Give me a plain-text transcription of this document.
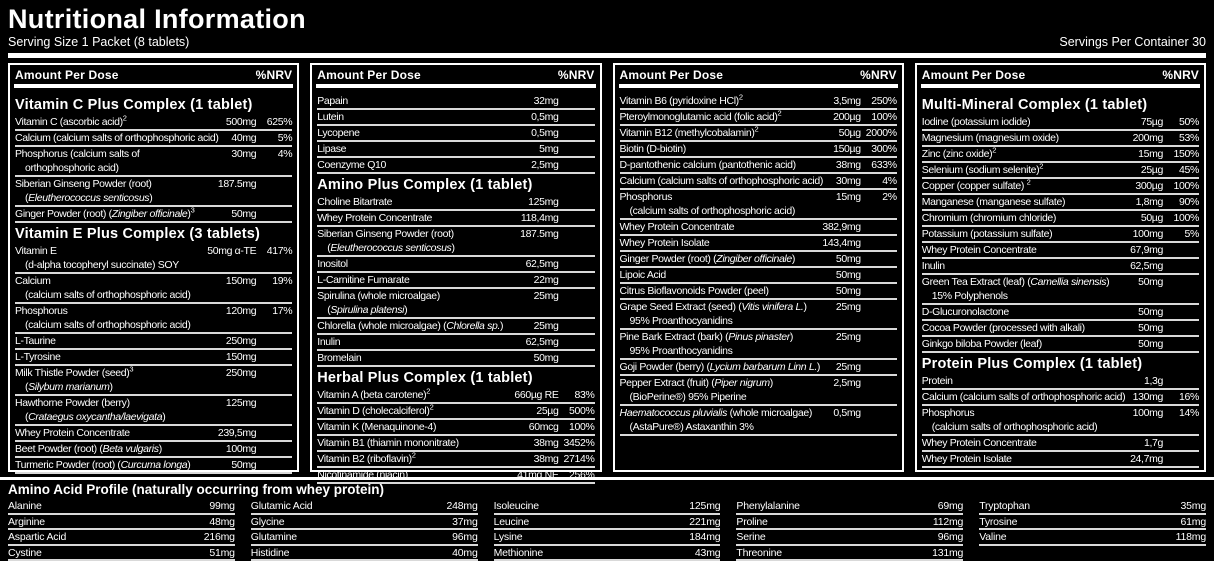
Nutritional Information
Serving Size 1 Packet (8 tablets)	Servings Per Container 30
Amount Per Dose	%NRV
Vitamin C Plus Complex (1 tablet)
Vitamin C (ascorbic acid)$^2$	500mg	625%
Calcium (calcium salts of orthophosphoric acid)	40mg	5%
Phosphorus (calcium salts of	30mg	4%
orthophosphoric acid)
Siberian Ginseng Powder (root)	187.5mg
(Eleutherococcus senticosus)
Ginger Powder (root) (Zingiber officinale)$^3$	50mg
Vitamin E Plus Complex (3 tablets)
Vitamin E	50mg α-TE	417%
(d-alpha tocopheryl succinate) SOY
Calcium	150mg	19%
(calcium salts of orthophosphoric acid)
Phosphorus	120mg	17%
(calcium salts of orthophosphoric acid)
L-Taurine	250mg
L-Tyrosine	150mg
Milk Thistle Powder (seed)$^3$	250mg
(Silybum marianum)
Hawthorne Powder (berry)	125mg
(Crataegus oxycantha/laevigata)
Whey Protein Concentrate	239,5mg
Beet Powder (root) (Beta vulgaris)	100mg
Turmeric Powder (root) (Curcuma longa)	50mg
Amount Per Dose	%NRV
Papain	32mg
Lutein	0,5mg
Lycopene	0,5mg
Lipase	5mg
Coenzyme Q10	2,5mg
Amino Plus Complex (1 tablet)
Choline Bitartrate	125mg
Whey Protein Concentrate	118,4mg
Siberian Ginseng Powder (root)	187.5mg
(Eleutherococcus senticosus)
Inositol	62,5mg
L-Carnitine Fumarate	22mg
Spirulina (whole microalgae)	25mg
(Spirulina platensi)
Chlorella (whole microalgae) (Chlorella sp.)	25mg
Inulin	62,5mg
Bromelain	50mg
Herbal Plus Complex (1 tablet)
Vitamin A (beta carotene)$^2$	660µg RE	83%
Vitamin D (cholecalciferol)$^2$	25µg	500%
Vitamin K (Menaquinone-4)	60mcg	100%
Vitamin B1 (thiamin mononitrate)	38mg 3452%
Vitamin B2 (riboflavin)$^2$	38mg 2714%
Nicotinamide (niacin)	41mg NE	256%
Amount Per Dose	%NRV
Vitamin B6 (pyridoxine HCl)$^2$	3,5mg	250%
Pteroylmonoglutamic acid (folic acid)$^2$	200µg	100%
Vitamin B12 (methylcobalamin)$^2$	50µg 2000%
Biotin (D-biotin)	150µg	300%
D-pantothenic calcium (pantothenic acid)	38mg	633%
Calcium (calcium salts of orthophosphoric acid)	30mg	4%
Phosphorus	15mg	2%
(calcium salts of orthophosphoric acid)
Whey Protein Concentrate	382,9mg
Whey Protein Isolate	143,4mg
Ginger Powder (root) (Zingiber officinale)	50mg
Lipoic Acid	50mg
Citrus Bioflavonoids Powder (peel)	50mg
Grape Seed Extract (seed) (Vitis vinifera L.)	25mg
95% Proanthocyanidins
Pine Bark Extract (bark) (Pinus pinaster)	25mg
95% Proanthocyanidins
Goji Powder (berry) (Lycium barbarum Linn L.)	25mg
Pepper Extract (fruit) (Piper nigrum)	2,5mg
(BioPerine®) 95% Piperine
Haematococcus pluvialis (whole microalgae)	0,5mg
(AstaPure®) Astaxanthin 3%
Amount Per Dose	%NRV
Multi-Mineral Complex (1 tablet)
Iodine (potassium iodide)	75µg	50%
Magnesium (magnesium oxide)	200mg	53%
Zinc (zinc oxide)$^2$	15mg	150%
Selenium (sodium selenite)$^2$	25µg	45%
Copper (copper sulfate) $^2$	300µg	100%
Manganese (manganese sulfate)	1,8mg	90%
Chromium (chromium chloride)	50µg	100%
Potassium (potassium sulfate)	100mg	5%
Whey Protein Concentrate	67,9mg
Inulin	62,5mg
Green Tea Extract (leaf) (Camellia sinensis)	50mg
15% Polyphenols
D-Glucuronolactone	50mg
Cocoa Powder (processed with alkali)	50mg
Ginkgo biloba Powder (leaf)	50mg
Protein Plus Complex (1 tablet)
Protein	1,3g
Calcium (calcium salts of orthophosphoric acid) 130mg	16%
Phosphorus	100mg	14%
(calcium salts of orthophosphoric acid)
Whey Protein Concentrate	1,7g
Whey Protein Isolate	24,7mg
Amino Acid Profile (naturally occurring from whey protein)
Alanine	99mg
Arginine	48mg
Aspartic Acid	216mg
Cystine	51mg
Glutamic Acid	248mg
Glycine	37mg
Glutamine	96mg
Histidine	40mg
Isoleucine	125mg
Leucine	221mg
Lysine	184mg
Methionine	43mg
Phenylalanine	69mg
Proline	112mg
Serine	96mg
Threonine	131mg
Tryptophan	35mg
Tyrosine	61mg
Valine	118mg
